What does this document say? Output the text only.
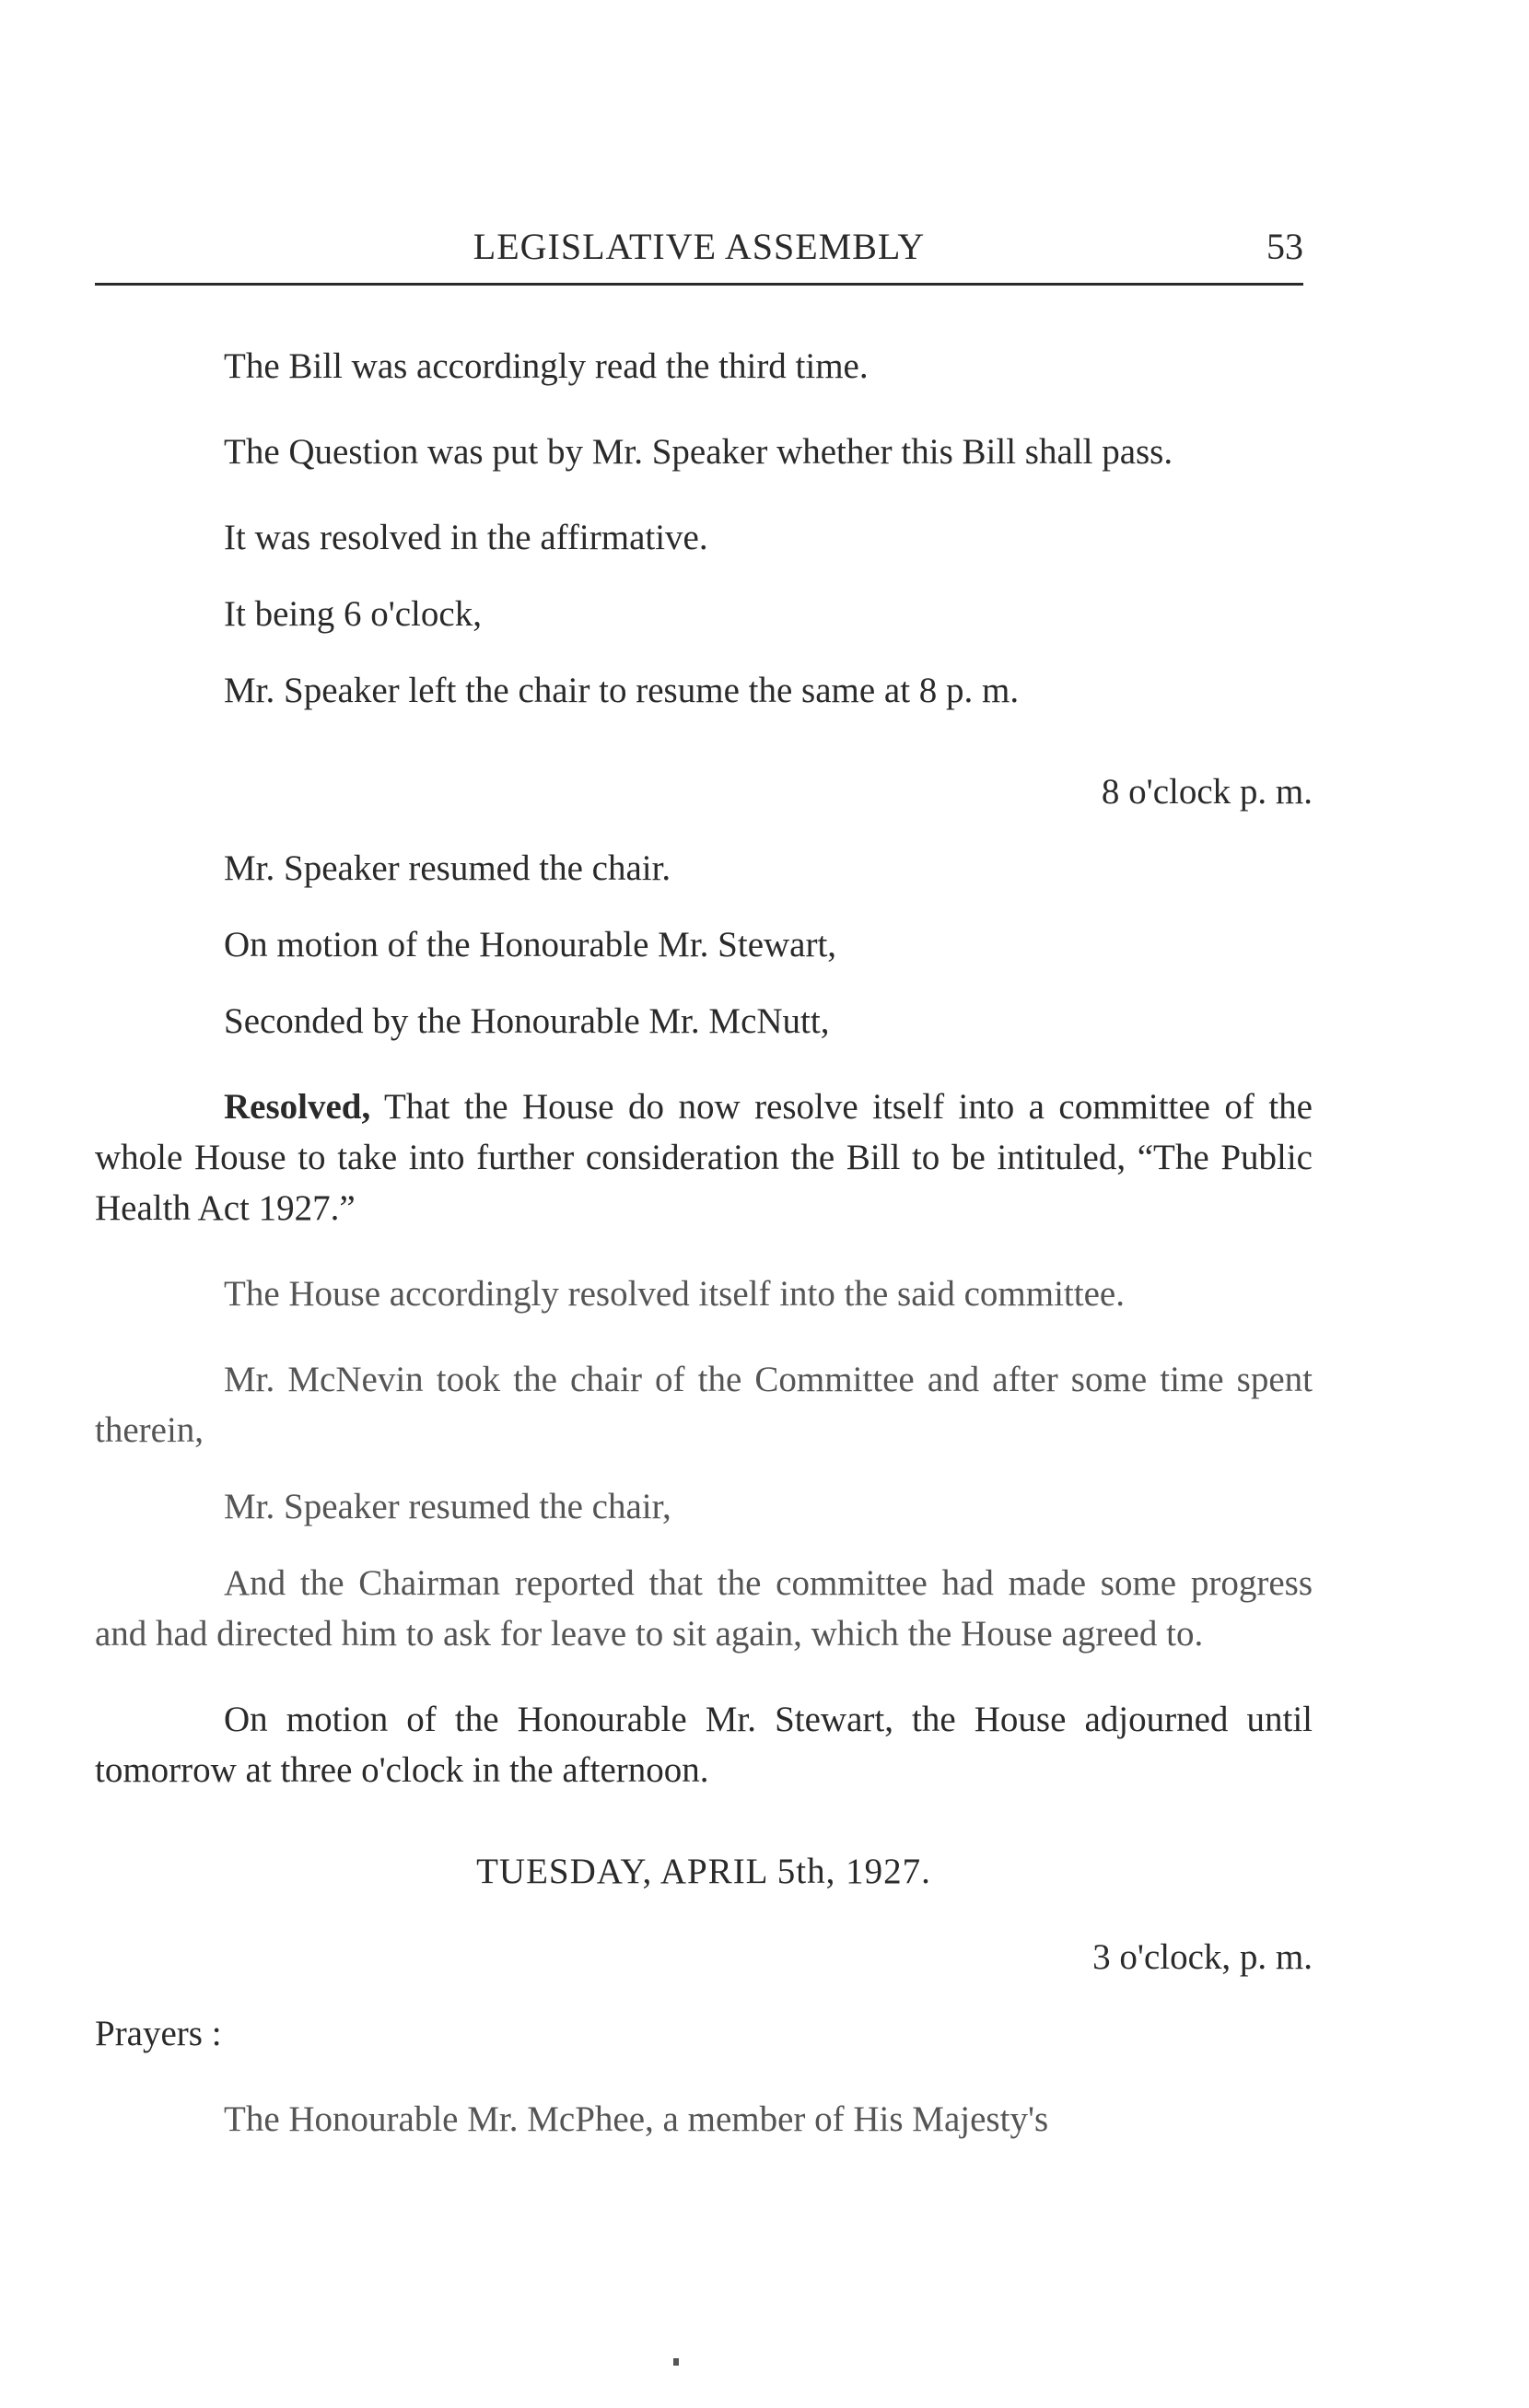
LEGISLATIVE ASSEMBLY	53

The Bill was accordingly read the third time.

The Question was put by Mr. Speaker whether this Bill shall pass.

It was resolved in the affirmative.

It being 6 o'clock,

Mr. Speaker left the chair to resume the same at 8 p. m.

8 o'clock p. m.

Mr. Speaker resumed the chair.

On motion of the Honourable Mr. Stewart,

Seconded by the Honourable Mr. McNutt,

Resolved, That the House do now resolve itself into a committee of the whole House to take into further consideration the Bill to be intituled, “The Public Health Act 1927.”

The House accordingly resolved itself into the said committee.

Mr. McNevin took the chair of the Committee and after some time spent therein,

Mr. Speaker resumed the chair,

And the Chairman reported that the committee had made some progress and had directed him to ask for leave to sit again, which the House agreed to.

On motion of the Honourable Mr. Stewart, the House adjourned until tomorrow at three o'clock in the afternoon.

TUESDAY, APRIL 5th, 1927.

3 o'clock, p. m.

Prayers :

The Honourable Mr. McPhee, a member of His Majesty's
